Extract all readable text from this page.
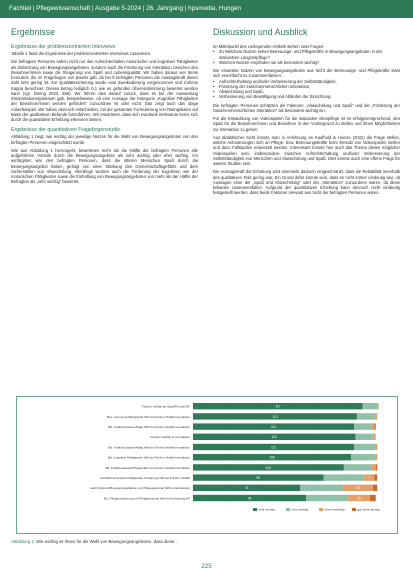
Fachteil | Pflegewissenschaft | Ausgabe 5-2024 | 26. Jahrgang | hpsmedia, Hungen
Ergebnisse
Ergebnisse der problemzentrierten Interviews

Tabelle 1 fasst die Ergebnisse der problemzentrierten Interviews zusammen.

Die befragten Personen sahen nicht nur das Aufrechterhalten motorischer und kognitiver Fähigkeiten als Zielsetzung von Bewegungsangeboten, sondern auch die Förderung von Interaktion zwischen den Bewohner/innen sowie die Steigerung von Spaß und Lebensqualität. Wir haben daraus vier Items formuliert, die im Fragebogen von jeweils gab, da bei 8 befragten Personen die Aussagekraft dieser Zahl sehr gering ist. Zur Qualitätssicherung wurde eine Zweikodierung vorgenommen und Cohens Kappa berechnet. Dieses betrug lediglich 0,1 wie es gefunden Übereinstimmung bewertet werden kann (vgl. Döring 2023, 559). Wir führen dies darauf zurück, dass es bei der Auswertung Interpretationsspielraum gab, beispielsweise, ob eine Aussage der Kategorie „Kognitive Fähigkeiten der Bewohner/innen werden gefördert“ zuzuordnen ist oder nicht. Das zeigt auch das obige Ankerbeispiel. Wir haben dennoch entschieden, mit der gesamten Formulierung von Ratingskalen auf Basis der qualitativen Befunde fortzufahren. Wir erwarteten, dass sich eventuell irrelevante Items sich durch die quantitative Erhebung erkennen lassen.

Ergebnisse der quantitativen Fragebogenstudie

Abbildung 1 zeigt, wie wichtig der jeweilige Nutzen für die Wahl von Bewegungsangeboten von den befragten Personen eingeschätzt wurde.

Wie aus Abbildung 1 hervorgeht, bewerteten mehr als die Hälfte der befragten Personen alle aufgeführten Vorteile durch die Bewegungsangebote als sehr wichtig oder eher wichtig. Am wichtigsten war den befragten Personen, dass die älteren Menschen Spaß durch die Bewegungsangebot haben, gefolgt von einer Stärkung des Gemeinschaftsgefühls und dem Sicherstellen von Abwechslung. Allerdings wurden auch die Förderung der kognitiven wie der motorischen Fähigkeiten sowie die Einhaltung von Bewegungsangeboten von mehr als der Hälfte der Befragten als „sehr wichtig“ bewertet.

Diskussion und Ausblick

Im Mittelpunkt des vorliegenden Artikels stehen zwei Fragen:

• Zu Welchem Nutzen sehen Betreuungs- und Pflegekräfte in Bewegungsangeboten in der stationären Langzeitpflege?
• Welchen Nutzen empfinden sie als besonders wichtig?

Der erwartete Nutzen von Bewegungsangeboten aus Sicht der Betreuungs- und Pflegekräfte lässt sich vereinfacht so zusammenfassen:

• Aufrechterhaltung und/oder Verbesserung der Selbstständigkeit,
• Förderung der zwischenmenschlichen Interaktion,
• Abwechslung und Spaß,
• Verbesserung von Bewältigung und Abläufen der Einrichtung.

Die befragten Personen schätzten die Faktoren „Abwechslung und Spaß“ und die „Förderung der zwischenmenschlichen Interaktion“ als besonders wichtig ein.

Für die Entwicklung von Videospielen für die stationäre Altenpflege ist es erfolgsversprechend, den Spaß für die Bewohner/innen und Bewohner in den Vordergrund zu stellen und ihnen Möglichkeiten zur Interaktion zu geben.

Aus didaktischer Sicht könnte man in Anlehnung an Kaufhold & Hoinze (2022) die Frage stellen, welche Anforderungen sich an Pflege- bzw. Betreuungskräfte beim Einsatz von Videospielen stellen und dazu Fallstudien entwickelt werden. Interessant könnte hier auch das Thema dieses möglicher Videospielen sein, insbesondere zwischen Aufrechterhaltung und/oder Verbesserung der Selbstständigkeit von Menschen und Abwechslung und Spaß. Dies könnte auch eine offene Frage für weitere Studien sein.

Die Aussagekraft der Erhebung wird einerseits dadurch eingeschränkt, dass die Reliabilität innerhalb des qualitativen Teils gering war. Ein Grund dafür könnte sein, dass es nicht immer eindeutig war, ob Aussagen einer der „Spaß und Abwechslung“ oder der „Interaktion“ zuzuordnen waren, da diese teilweise zusammenfallen. Aufgrund der quantitativen Erhebung kann dennoch recht eindeutig festgestellt werden, dass beide Faktoren relevant aus Sicht der befragten Personen waren.

Fördert Vielfalt an Spaß/Freude EF	117
Bsp. Gemeinschaftsgefühl hilft bei Fördert Vielfalt Interaktion	113
Bd. Kraft/Ausdauer/Alltag hilft bei Fördert Vielfalt Interaktion	111
Fördert Vielfalt an Interaktion	112
Bd. Kraft/Ausdauer/Alltag hilft bei Fördert Vielfalt Interaktion	111
Bd. Kognitive Fähigkeiten hilft bei Fördert Vielfalt Interaktion	109
Bd. Fraft/Ausdauer/Pflegekräfte bei Fördert Vielfalt Interaktion	104
Ausfüllt körperliche Fähigkeiten Förderung hilft bei Fördert Vielfalt	90	7
Geht fördernd Bewegungsabläufe von Pflegepersonal hilft bei Entlastung	74	20
Bd. Pflegeentlastung mit Pflegepersonal hilft bei Entlastung EF	78	15
sehr wichtig	eher wichtig	eher unwichtig	gar nicht wichtig
Abbildung 1: Wie wichtig ist Ihnen für die Wahl von Bewegungsangeboten, dass diese...
225
